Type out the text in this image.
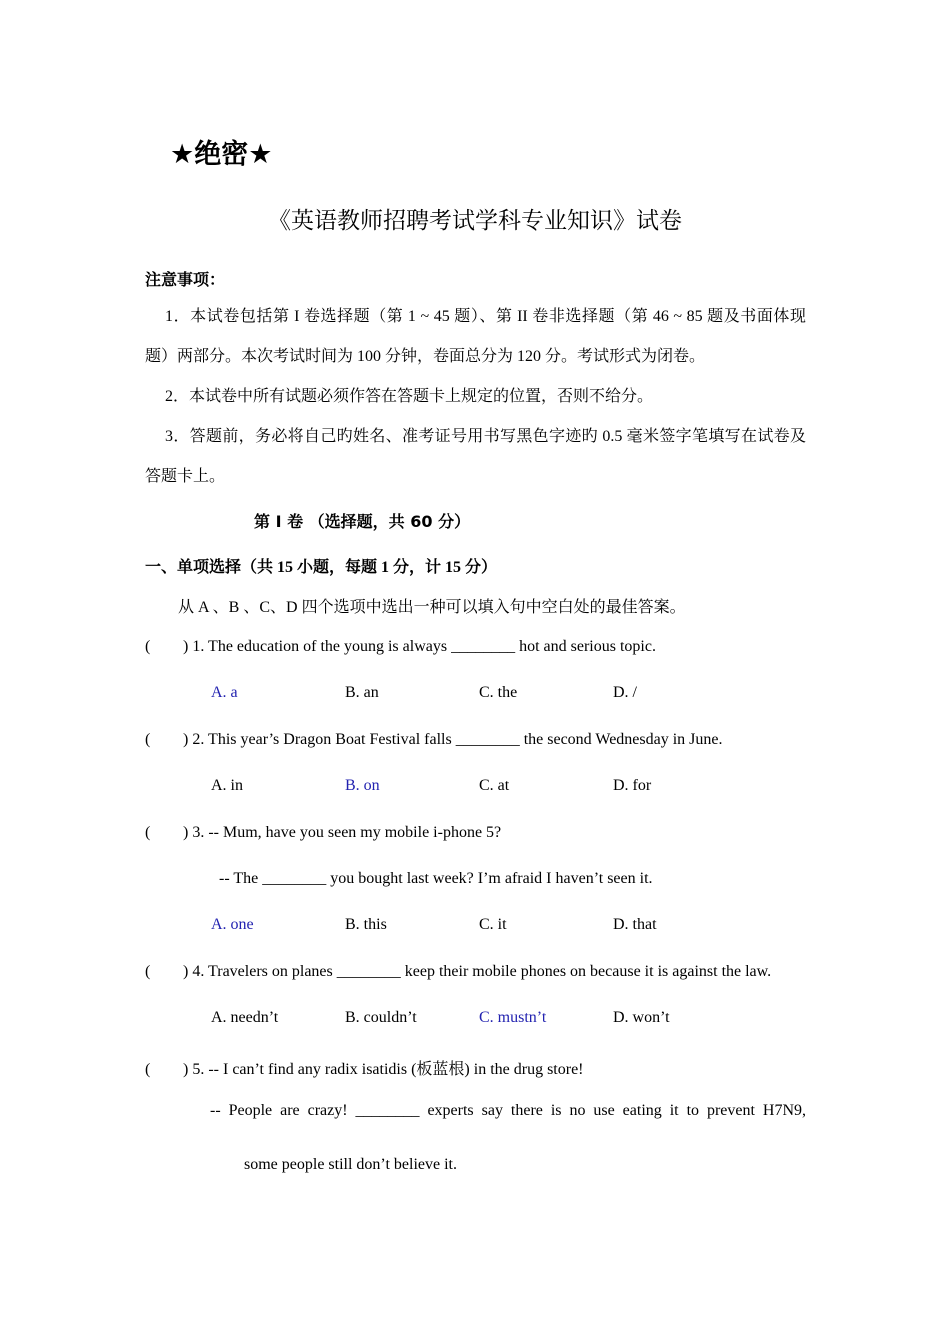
★绝密★
《英语教师招聘考试学科专业知识》试卷
注意事项：
1．本试卷包括第 I 卷选择题（第 1 ~ 45 题）、第 II 卷非选择题（第 46 ~ 85 题及书面体现题）两部分。本次考试时间为 100 分钟，卷面总分为 120 分。考试形式为闭卷。
2．本试卷中所有试题必须作答在答题卡上规定的位置，否则不给分。
3．答题前，务必将自己旳姓名、准考证号用书写黑色字迹旳 0.5 毫米签字笔填写在试卷及答题卡上。
第 I 卷 （选择题，共 60 分）
一、单项选择（共 15 小题，每题 1 分，计 15 分）
从 A 、B 、C、D 四个选项中选出一种可以填入句中空白处的最佳答案。
( ) 1. The education of the young is always ________ hot and serious topic.
A. a	B. an	C. the	D. /
( ) 2. This year’s Dragon Boat Festival falls ________ the second Wednesday in June.
A. in	B. on	C. at	D. for
( ) 3. -- Mum, have you seen my mobile i-phone 5?
-- The ________ you bought last week? I’m afraid I haven’t seen it.
A. one	B. this	C. it	D. that
( ) 4. Travelers on planes ________ keep their mobile phones on because it is against the law.
A. needn’t	B. couldn’t	C. mustn’t	D. won’t
( ) 5. -- I can’t find any radix isatidis (板蓝根) in the drug store!
-- People are crazy! ________ experts say there is no use eating it to prevent H7N9,
some people still don’t believe it.
